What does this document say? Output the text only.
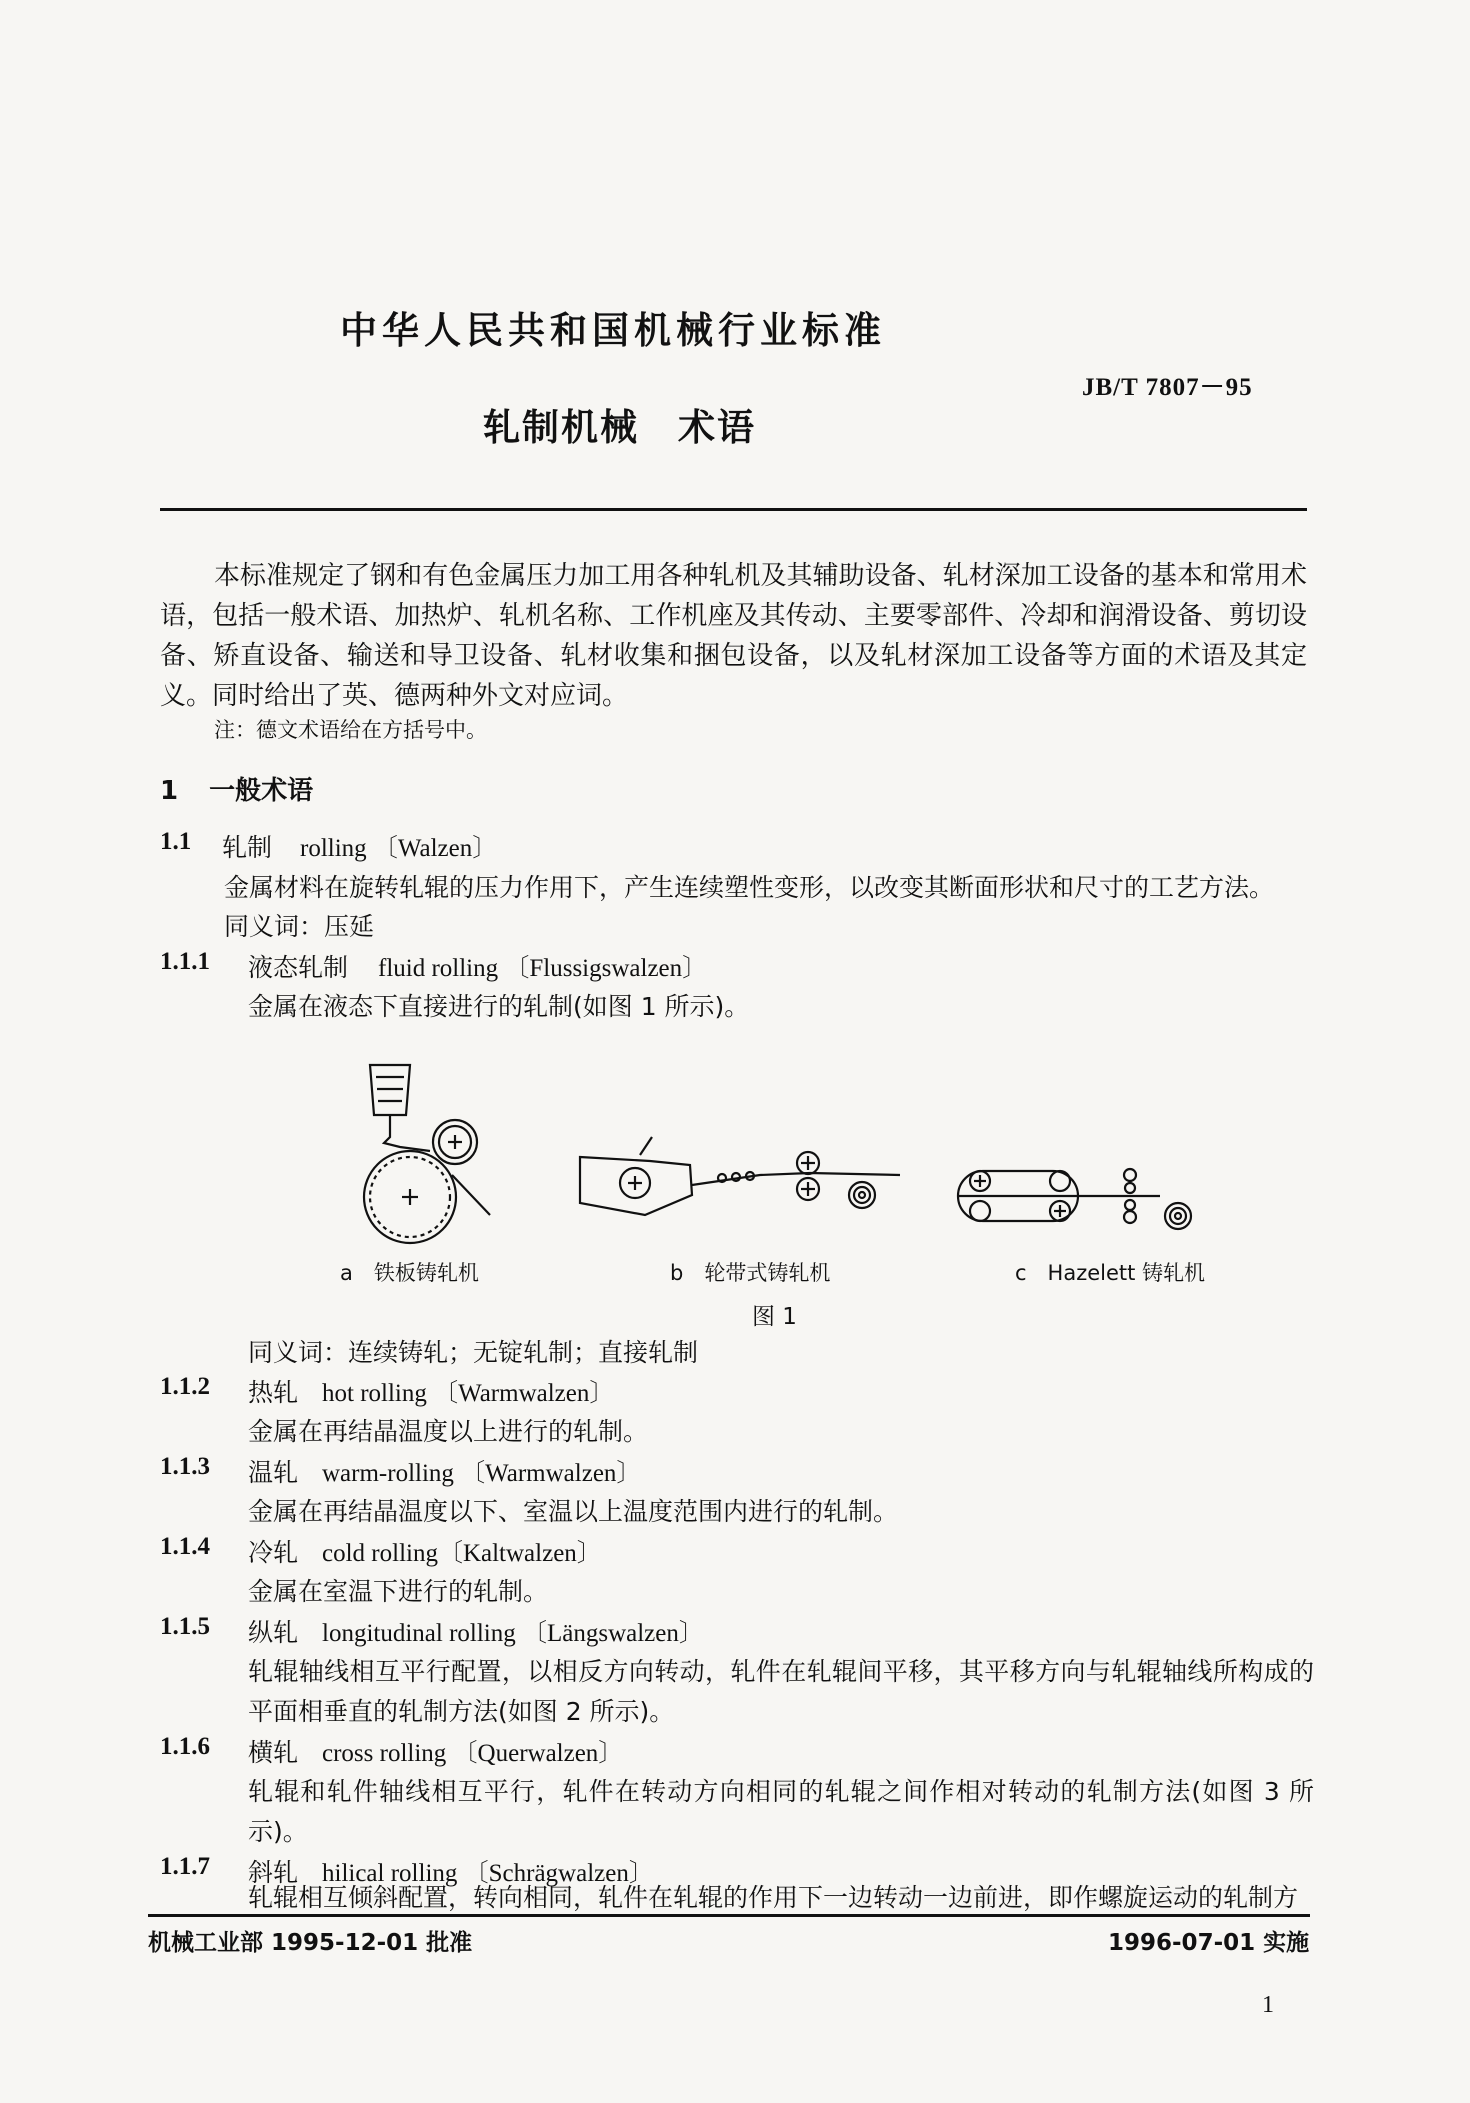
中华人民共和国机械行业标准
JB/T 7807－95
轧制机械　术语
本标准规定了钢和有色金属压力加工用各种轧机及其辅助设备、轧材深加工设备的基本和常用术语，包括一般术语、加热炉、轧机名称、工作机座及其传动、主要零部件、冷却和润滑设备、剪切设备、矫直设备、输送和导卫设备、轧材收集和捆包设备，以及轧材深加工设备等方面的术语及其定义。同时给出了英、德两种外文对应词。
注：德文术语给在方括号中。
1 一般术语
1.1 轧制 rolling 〔Walzen〕
金属材料在旋转轧辊的压力作用下，产生连续塑性变形，以改变其断面形状和尺寸的工艺方法。
同义词：压延
1.1.1 液态轧制 fluid rolling 〔Flussigswalzen〕
金属在液态下直接进行的轧制(如图 1 所示)。
a　铁板铸轧机	b　轮带式铸轧机	c　Hazelett 铸轧机
图 1
同义词：连续铸轧；无锭轧制；直接轧制
1.1.2 热轧 hot rolling 〔Warmwalzen〕
金属在再结晶温度以上进行的轧制。
1.1.3 温轧 warm-rolling 〔Warmwalzen〕
金属在再结晶温度以下、室温以上温度范围内进行的轧制。
1.1.4 冷轧 cold rolling〔Kaltwalzen〕
金属在室温下进行的轧制。
1.1.5 纵轧 longitudinal rolling 〔Längswalzen〕
轧辊轴线相互平行配置，以相反方向转动，轧件在轧辊间平移，其平移方向与轧辊轴线所构成的平面相垂直的轧制方法(如图 2 所示)。
1.1.6 横轧 cross rolling 〔Querwalzen〕
轧辊和轧件轴线相互平行，轧件在转动方向相同的轧辊之间作相对转动的轧制方法(如图 3 所示)。
1.1.7 斜轧 hilical rolling 〔Schrägwalzen〕
轧辊相互倾斜配置，转向相同，轧件在轧辊的作用下一边转动一边前进，即作螺旋运动的轧制方
机械工业部 1995-12-01 批准	1996-07-01 实施
1
